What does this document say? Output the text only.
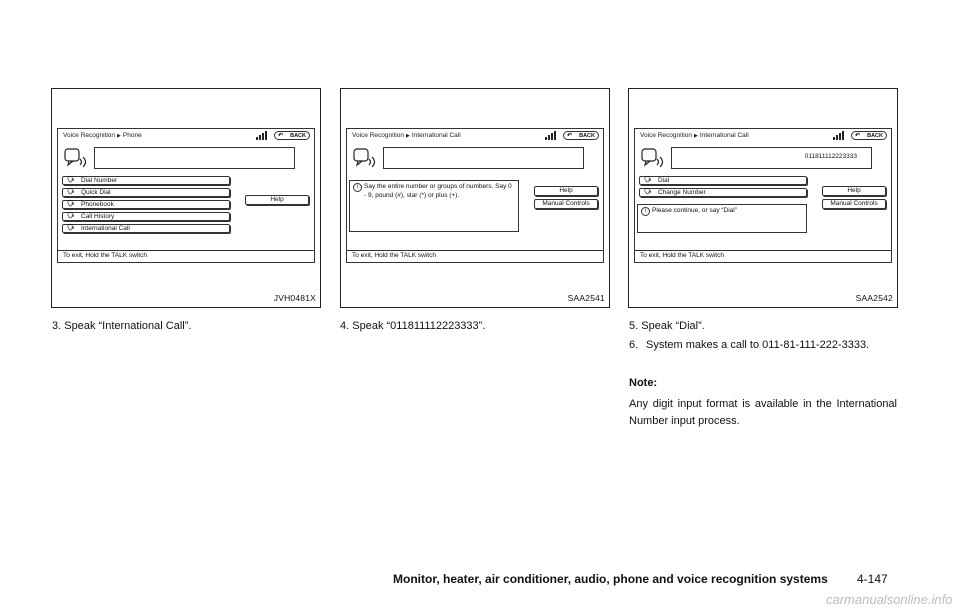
Voice Recognition ▶ Phone	↶ BACK
🗣 Dial Number
🗣 Quick Dial
🗣 Phonebook
🗣 Call History
🗣 International Call
Help
To exit, Hold the TALK switch
JVH0481X
Voice Recognition ▶ International Call	↶ BACK
i Say the entire number or groups of numbers. Say 0 - 9, pound (#), star (*) or plus (+).
Help
Manual Controls
To exit, Hold the TALK switch
SAA2541
Voice Recognition ▶ International Call	↶ BACK
011811112223333
🗣 Dial
🗣 Change Number
i Please continue, or say “Dial”
Help
Manual Controls
To exit, Hold the TALK switch
SAA2542
3. Speak “International Call”.	4. Speak “011811112223333”.	5. Speak “Dial”.
6. System makes a call to 011-81-111-222-3333.
Note:
Any digit input format is available in the International Number input process.
Monitor, heater, air conditioner, audio, phone and voice recognition systems 4-147
carmanualsonline.info
